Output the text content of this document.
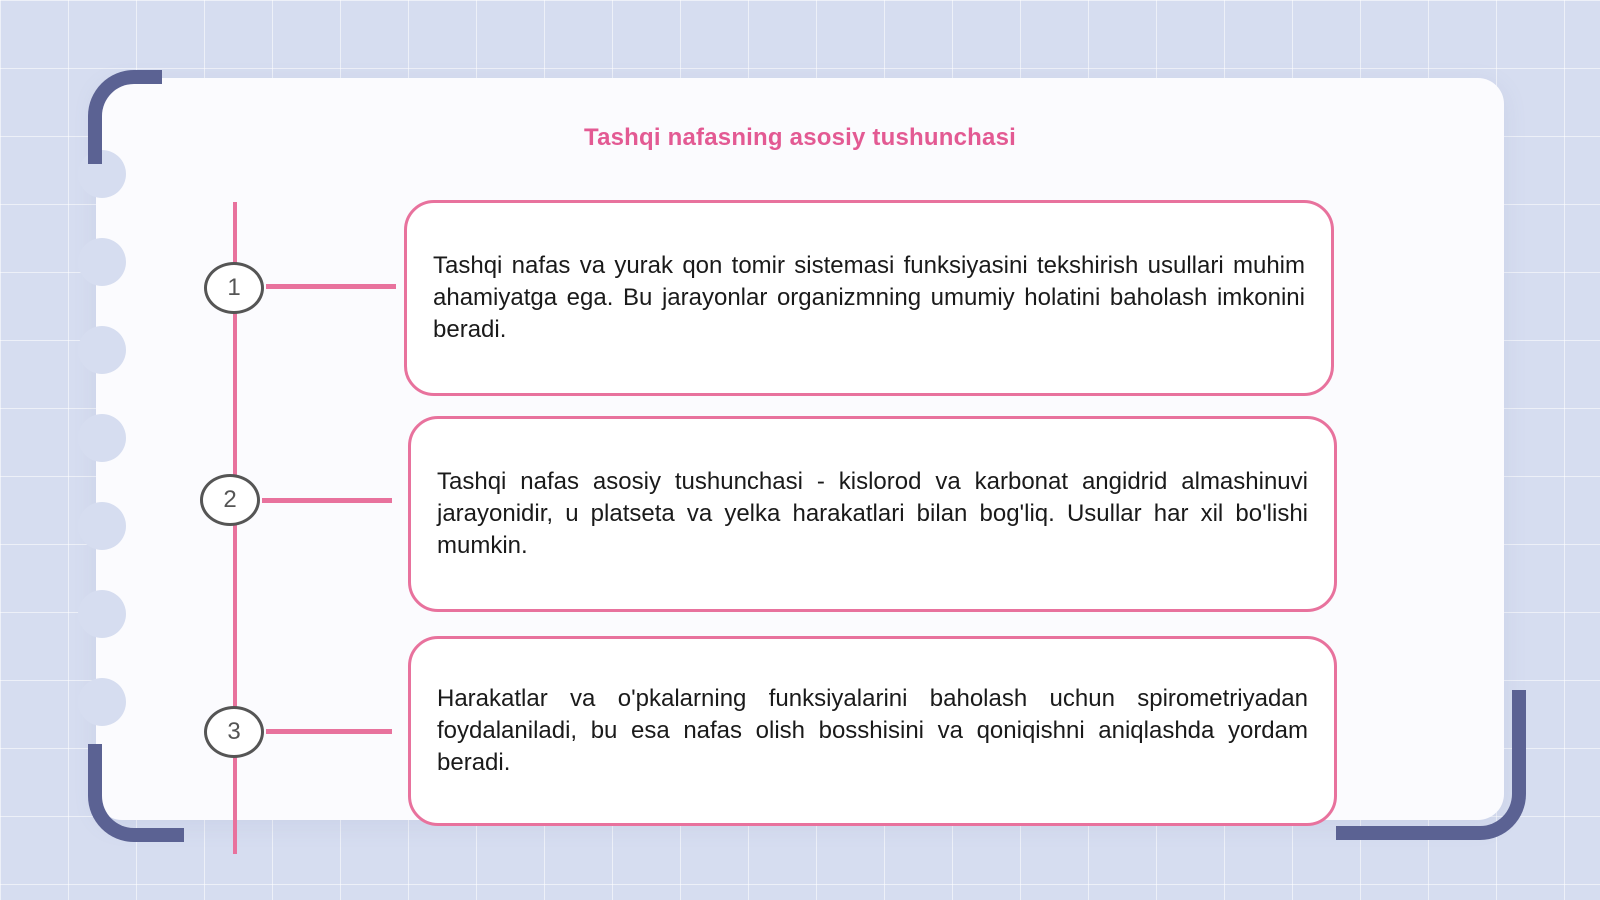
Tashqi nafasning asosiy tushunchasi
1

Tashqi nafas va yurak qon tomir sistemasi funksiyasini tekshirish usullari muhim ahamiyatga ega. Bu jarayonlar organizmning umumiy holatini baholash imkonini beradi.

2

Tashqi nafas asosiy tushunchasi - kislorod va karbonat angidrid almashinuvi jarayonidir, u platseta va yelka harakatlari bilan bog'liq. Usullar har xil bo'lishi mumkin.

3

Harakatlar va o'pkalarning funksiyalarini baholash uchun spirometriyadan foydalaniladi, bu esa nafas olish bosshisini va qoniqishni aniqlashda yordam beradi.
